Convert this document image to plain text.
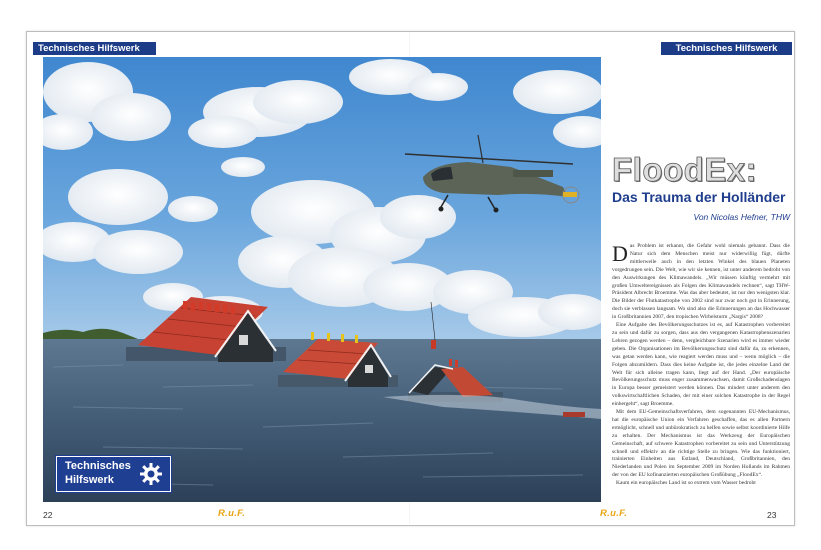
Technisches Hilfswerk	Technisches Hilfswerk
Technisches
Hilfswerk
FloodEx:
Das Trauma der Holländer
Von Nicolas Hefner, THW

Das Problem ist erkannt, die Gefahr wohl niemals gebannt. Dass die Natur sich dem Menschen meist nur widerwillig fügt, dürfte mittlerweile auch in den letzten Winkel des blauen Planeten vorgedrungen sein. Die Welt, wie wir sie kennen, ist unter anderem bedroht von den Auswirkungen des Klimawandels. „Wir müssen künftig vermehrt mit großen Umweltereignissen als Folgen des Klimawandels rechnen“, sagt THW-Präsident Albrecht Broemme. Was das aber bedeutet, ist nur den wenigsten klar. Die Bilder der Flutkatastrophe von 2002 sind nur zwar noch gut in Erinnerung, doch sie verblassen langsam. Wo sind also die Erinnerungen an das Hochwasser in Großbritannien 2007, den tropischen Wirbelsturm „Nargis“ 2008?

Eine Aufgabe des Bevölkerungsschutzes ist es, auf Katastrophen vorbereitet zu sein und dafür zu sorgen, dass aus den vergangenen Katastrophenszenarien Lehren gezogen werden – denn, vergleichbare Szenarien wird es immer wieder geben. Die Organisationen im Bevölkerungsschutz sind dafür da, zu erkennen, was getan werden kann, wie reagiert werden muss und – wenn möglich – die Folgen abzumildern. Dass dies keine Aufgabe ist, die jedes einzelne Land der Welt für sich alleine tragen kann, liegt auf der Hand. „Der europäische Bevölkerungsschutz muss enger zusammenwachsen, damit Großschadenslagen in Europa besser gemeistert werden können. Das mindert unter anderem den volkswirtschaftlichen Schaden, der mit einer solchen Katastrophe in der Regel einhergeht“, sagt Broemme.

Mit dem EU-Gemeinschaftsverfahren, dem sogenannten EU-Mechanismus, hat die europäische Union ein Verfahren geschaffen, das es allen Partnern ermöglicht, schnell und unbürokratisch zu helfen sowie selbst koordinierte Hilfe zu erhalten. Der Mechanismus ist das Werkzeug der Europäischen Gemeinschaft, auf schwere Katastrophen vorbereitet zu sein und Unterstützung schnell und effektiv an die richtige Stelle zu bringen. Wie das funktioniert, trainierten Einheiten aus Estland, Deutschland, Großbritannien, den Niederlanden und Polen im September 2009 im Norden Hollands im Rahmen der von der EU kofinanzierten europäischen Großübung „FloodEx“.

Kaum ein europäisches Land ist so extrem vom Wasser bedroht

22	23
R.u.F.	R.u.F.
